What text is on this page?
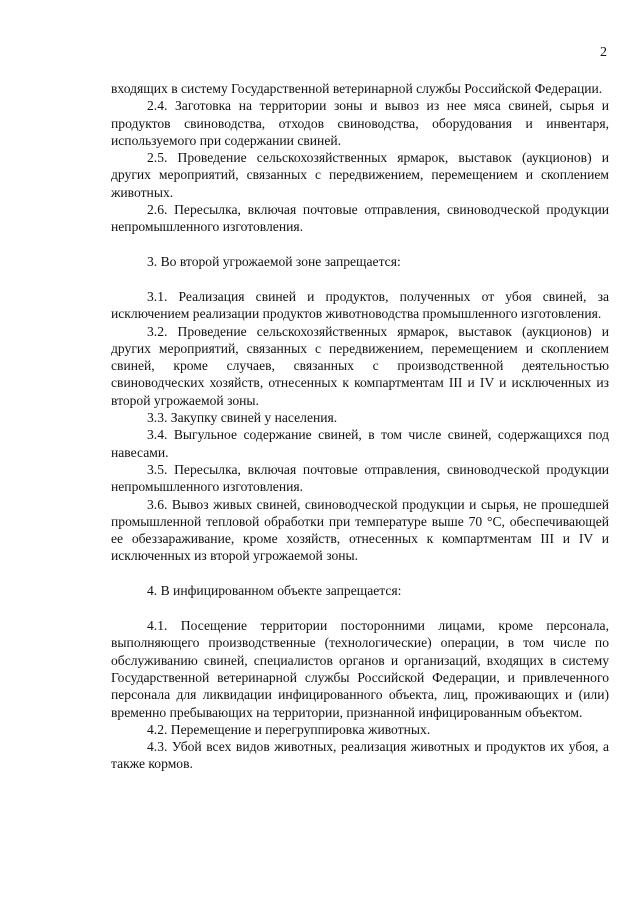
2

входящих в систему Государственной ветеринарной службы Российской Федерации.

2.4. Заготовка на территории зоны и вывоз из нее мяса свиней, сырья и продуктов свиноводства, отходов свиноводства, оборудования и инвентаря, используемого при содержании свиней.

2.5. Проведение сельскохозяйственных ярмарок, выставок (аукционов) и других мероприятий, связанных с передвижением, перемещением и скоплением животных.

2.6. Пересылка, включая почтовые отправления, свиноводческой продукции непромышленного изготовления.

3. Во второй угрожаемой зоне запрещается:

3.1. Реализация свиней и продуктов, полученных от убоя свиней, за исключением реализации продуктов животноводства промышленного изготовления.

3.2. Проведение сельскохозяйственных ярмарок, выставок (аукционов) и других мероприятий, связанных с передвижением, перемещением и скоплением свиней, кроме случаев, связанных с производственной деятельностью свиноводческих хозяйств, отнесенных к компартментам III и IV и исключенных из второй угрожаемой зоны.

3.3. Закупку свиней у населения.

3.4. Выгульное содержание свиней, в том числе свиней, содержащихся под навесами.

3.5. Пересылка, включая почтовые отправления, свиноводческой продукции непромышленного изготовления.

3.6. Вывоз живых свиней, свиноводческой продукции и сырья, не прошедшей промышленной тепловой обработки при температуре выше 70 °С, обеспечивающей ее обеззараживание, кроме хозяйств, отнесенных к компартментам III и IV и исключенных из второй угрожаемой зоны.

4. В инфицированном объекте запрещается:

4.1. Посещение территории посторонними лицами, кроме персонала, выполняющего производственные (технологические) операции, в том числе по обслуживанию свиней, специалистов органов и организаций, входящих в систему Государственной ветеринарной службы Российской Федерации, и привлеченного персонала для ликвидации инфицированного объекта, лиц, проживающих и (или) временно пребывающих на территории, признанной инфицированным объектом.

4.2. Перемещение и перегруппировка животных.

4.3. Убой всех видов животных, реализация животных и продуктов их убоя, а также кормов.
